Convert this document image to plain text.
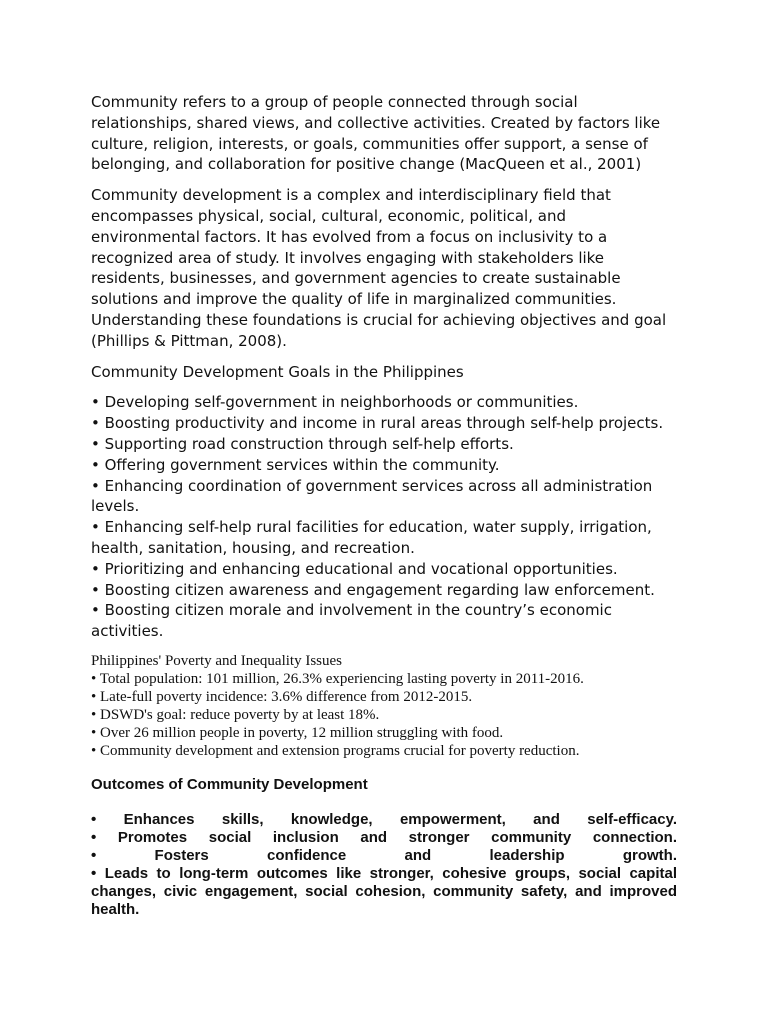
Community refers to a group of people connected through social relationships, shared views, and collective activities. Created by factors like culture, religion, interests, or goals, communities offer support, a sense of belonging, and collaboration for positive change (MacQueen et al., 2001)

Community development is a complex and interdisciplinary field that encompasses physical, social, cultural, economic, political, and environmental factors. It has evolved from a focus on inclusivity to a recognized area of study. It involves engaging with stakeholders like residents, businesses, and government agencies to create sustainable solutions and improve the quality of life in marginalized communities. Understanding these foundations is crucial for achieving objectives and goal (Phillips & Pittman, 2008).

Community Development Goals in the Philippines

• Developing self-government in neighborhoods or communities.
• Boosting productivity and income in rural areas through self-help projects.
• Supporting road construction through self-help efforts.
• Offering government services within the community.
• Enhancing coordination of government services across all administration levels.
• Enhancing self-help rural facilities for education, water supply, irrigation, health, sanitation, housing, and recreation.
• Prioritizing and enhancing educational and vocational opportunities.
• Boosting citizen awareness and engagement regarding law enforcement.
• Boosting citizen morale and involvement in the country’s economic activities.
Philippines' Poverty and Inequality Issues
• Total population: 101 million, 26.3% experiencing lasting poverty in 2011-2016.
• Late-full poverty incidence: 3.6% difference from 2012-2015.
• DSWD's goal: reduce poverty by at least 18%.
• Over 26 million people in poverty, 12 million struggling with food.
• Community development and extension programs crucial for poverty reduction.
Outcomes of Community Development
• Enhances skills, knowledge, empowerment, and self-efficacy.
• Promotes social inclusion and stronger community connection.
• Fosters confidence and leadership growth.
• Leads to long-term outcomes like stronger, cohesive groups, social capital changes, civic engagement, social cohesion, community safety, and improved health.
